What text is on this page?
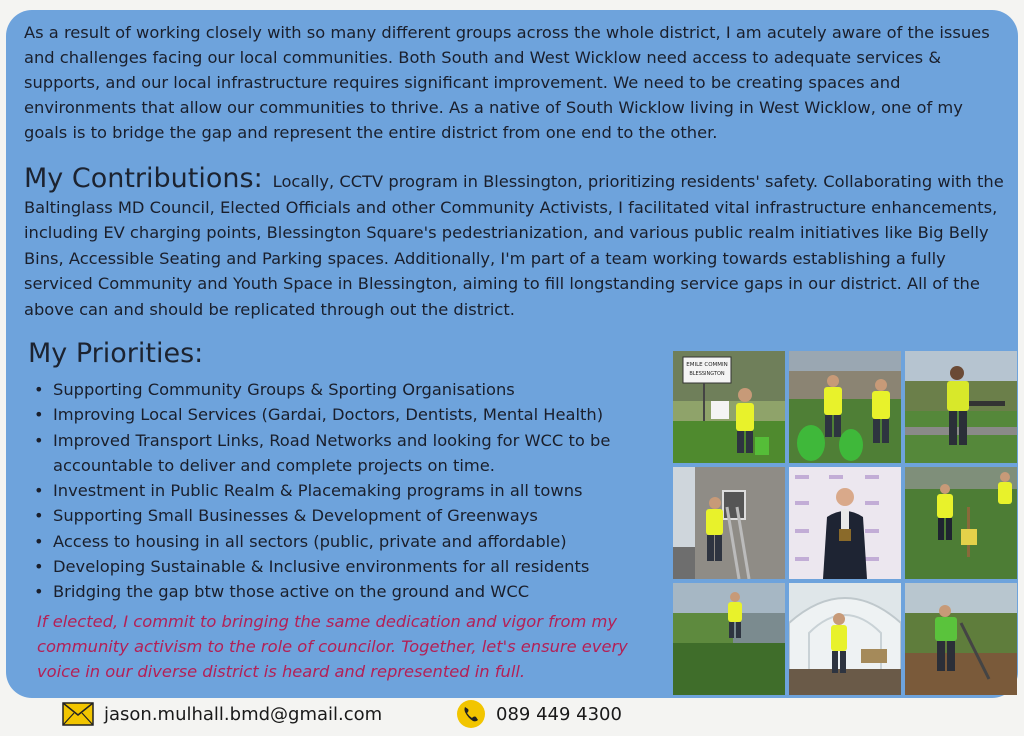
As a result of working closely with so many different groups across the whole district, I am acutely aware of the issues and challenges facing our local communities. Both South and West Wicklow need access to adequate services & supports, and our local infrastructure requires significant improvement. We need to be creating spaces and environments that allow our communities to thrive. As a native of South Wicklow living in West Wicklow, one of my goals is to bridge the gap and represent the entire district from one end to the other.

My Contributions: Locally, CCTV program in Blessington, prioritizing residents' safety. Collaborating with the Baltinglass MD Council, Elected Officials and other Community Activists, I facilitated vital infrastructure enhancements, including EV charging points, Blessington Square's pedestrianization, and various public realm initiatives like Big Belly Bins, Accessible Seating and Parking spaces. Additionally, I'm part of a team working towards establishing a fully serviced Community and Youth Space in Blessington, aiming to fill longstanding service gaps in our district. All of the above can and should be replicated through out the district.

My Priorities:
• Supporting Community Groups & Sporting Organisations
• Improving Local Services (Gardai, Doctors, Dentists, Mental Health)
• Improved Transport Links, Road Networks and looking for WCC to be accountable to deliver and complete projects on time.
• Investment in Public Realm & Placemaking programs in all towns
• Supporting Small Businesses & Development of Greenways
• Access to housing in all sectors (public, private and affordable)
• Developing Sustainable & Inclusive environments for all residents
• Bridging the gap btw those active on the ground and WCC

If elected, I commit to bringing the same dedication and vigor from my community activism to the role of councilor. Together, let's ensure every voice in our diverse district is heard and represented in full.

EMILE COMMIN
BLESSINGTON
jason.mulhall.bmd@gmail.com	089 449 4300
